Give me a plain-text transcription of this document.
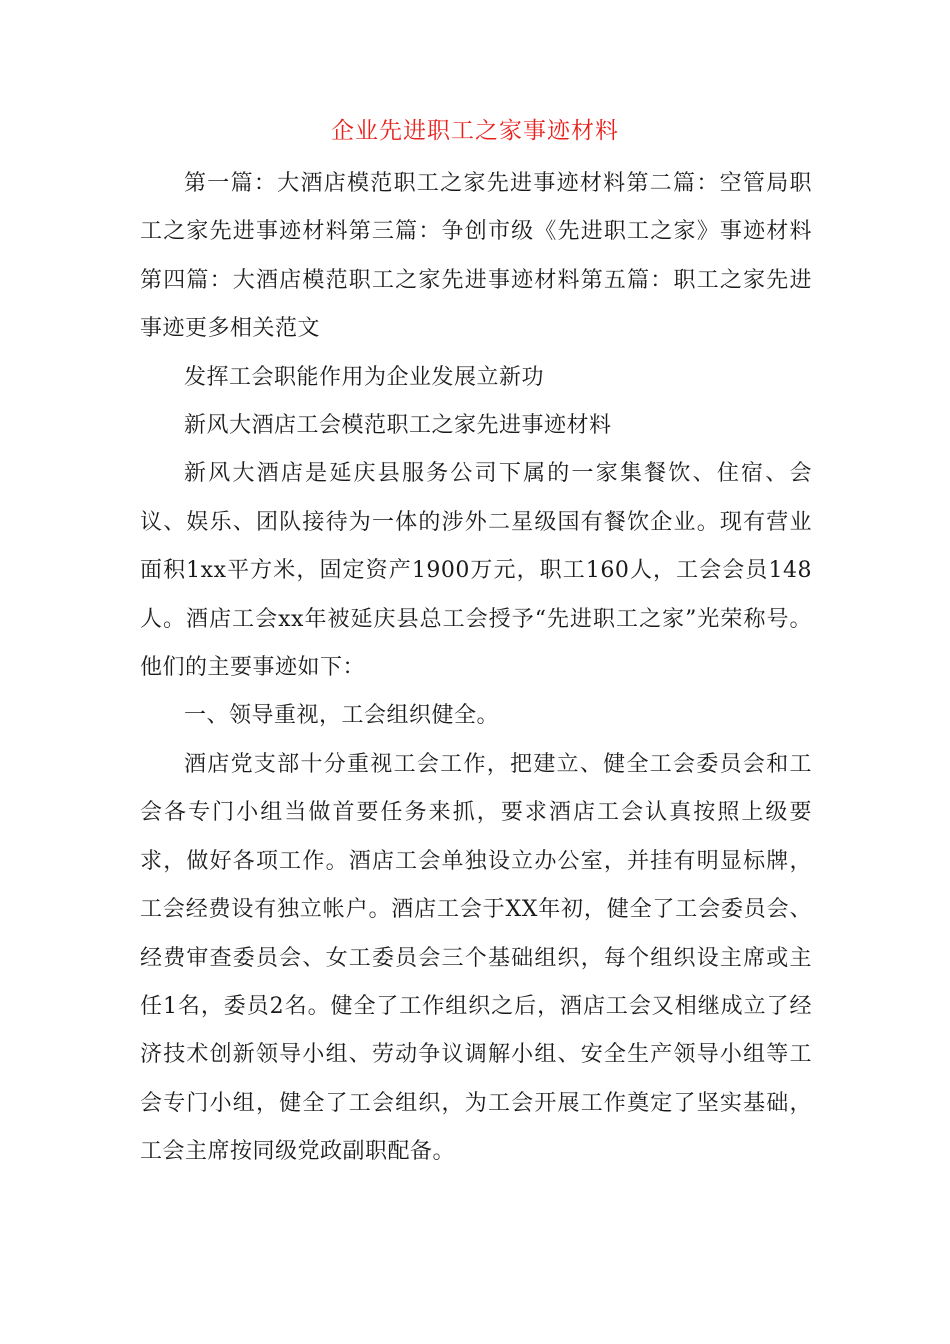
企业先进职工之家事迹材料

第一篇：大酒店模范职工之家先进事迹材料第二篇：空管局职工之家先进事迹材料第三篇：争创市级《先进职工之家》事迹材料第四篇：大酒店模范职工之家先进事迹材料第五篇：职工之家先进事迹更多相关范文

发挥工会职能作用为企业发展立新功

新风大酒店工会模范职工之家先进事迹材料

新风大酒店是延庆县服务公司下属的一家集餐饮、住宿、会议、娱乐、团队接待为一体的涉外二星级国有餐饮企业。现有营业面积1xx平方米，固定资产1900万元，职工160人，工会会员148人。酒店工会xx年被延庆县总工会授予“先进职工之家”光荣称号。他们的主要事迹如下：

一、领导重视，工会组织健全。

酒店党支部十分重视工会工作，把建立、健全工会委员会和工会各专门小组当做首要任务来抓，要求酒店工会认真按照上级要求，做好各项工作。酒店工会单独设立办公室，并挂有明显标牌，工会经费设有独立帐户。酒店工会于XX年初，健全了工会委员会、经费审查委员会、女工委员会三个基础组织，每个组织设主席或主任1名，委员2名。健全了工作组织之后，酒店工会又相继成立了经济技术创新领导小组、劳动争议调解小组、安全生产领导小组等工会专门小组，健全了工会组织，为工会开展工作奠定了坚实基础，工会主席按同级党政副职配备。
